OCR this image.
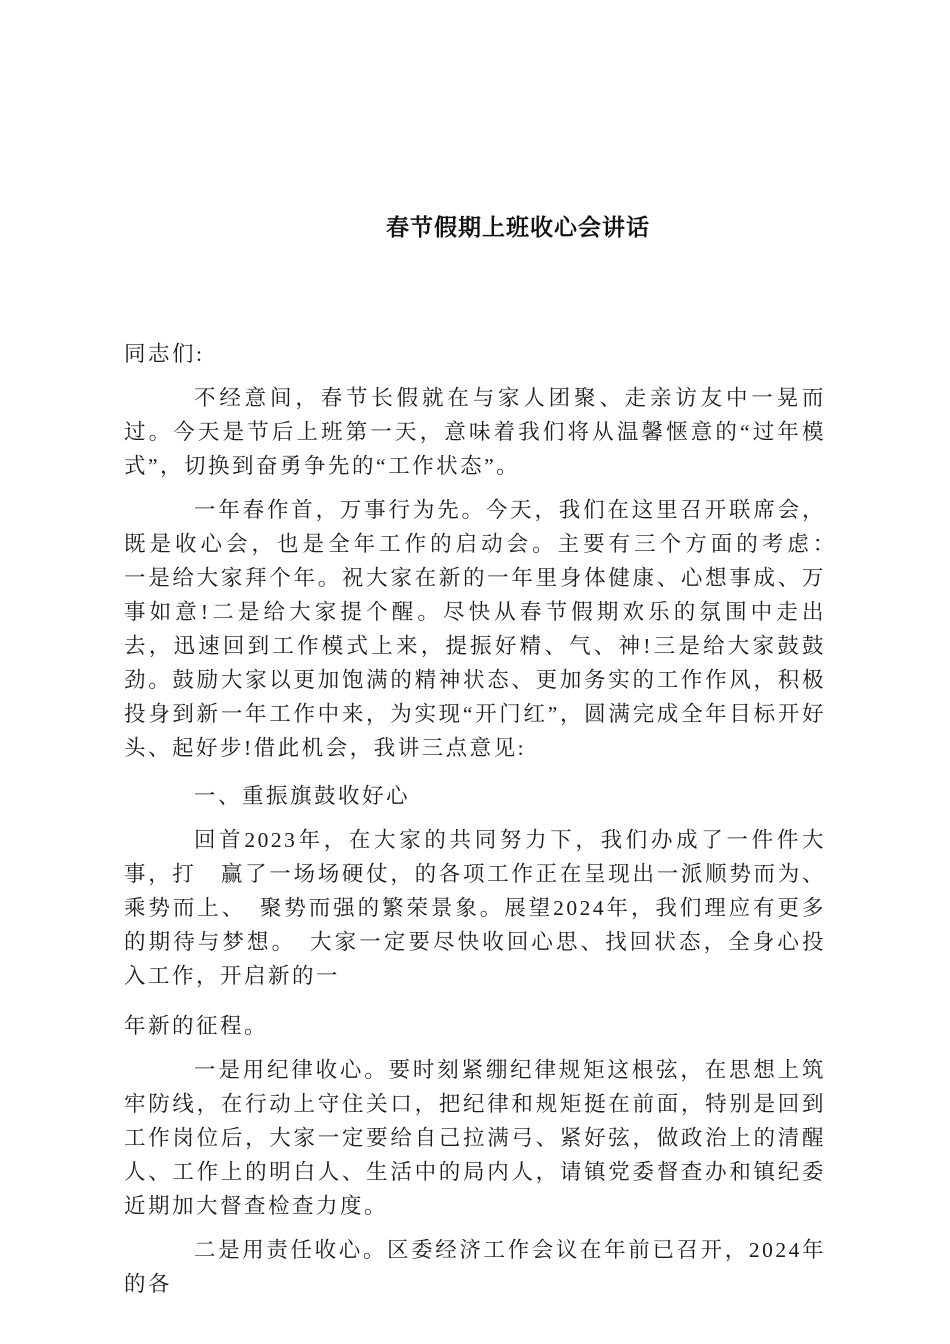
春节假期上班收心会讲话

同志们:

不经意间，春节长假就在与家人团聚、走亲访友中一晃而过。今天是节后上班第一天，意味着我们将从温馨惬意的“过年模式”，切换到奋勇争先的“工作状态”。

一年春作首，万事行为先。今天，我们在这里召开联席会，既是收心会，也是全年工作的启动会。主要有三个方面的考虑：　　一是给大家拜个年。祝大家在新的一年里身体健康、心想事成、万事如意!二是给大家提个醒。尽快从春节假期欢乐的氛围中走出去，迅速回到工作模式上来，提振好精、气、神!三是给大家鼓鼓劲。鼓励大家以更加饱满的精神状态、更加务实的工作作风，积极投身到新一年工作中来，为实现“开门红”，圆满完成全年目标开好头、起好步!借此机会，我讲三点意见:

一、重振旗鼓收好心

回首2023年，在大家的共同努力下，我们办成了一件件大事，打　赢了一场场硬仗，的各项工作正在呈现出一派顺势而为、乘势而上、　聚势而强的繁荣景象。展望2024年，我们理应有更多的期待与梦想。　大家一定要尽快收回心思、找回状态，全身心投入工作，开启新的一

年新的征程。

一是用纪律收心。要时刻紧绷纪律规矩这根弦，在思想上筑牢防线，在行动上守住关口，把纪律和规矩挺在前面，特别是回到工作岗位后，大家一定要给自己拉满弓、紧好弦，做政治上的清醒人、工作上的明白人、生活中的局内人，请镇党委督查办和镇纪委近期加大督查检查力度。

二是用责任收心。区委经济工作会议在年前已召开，2024年的各
